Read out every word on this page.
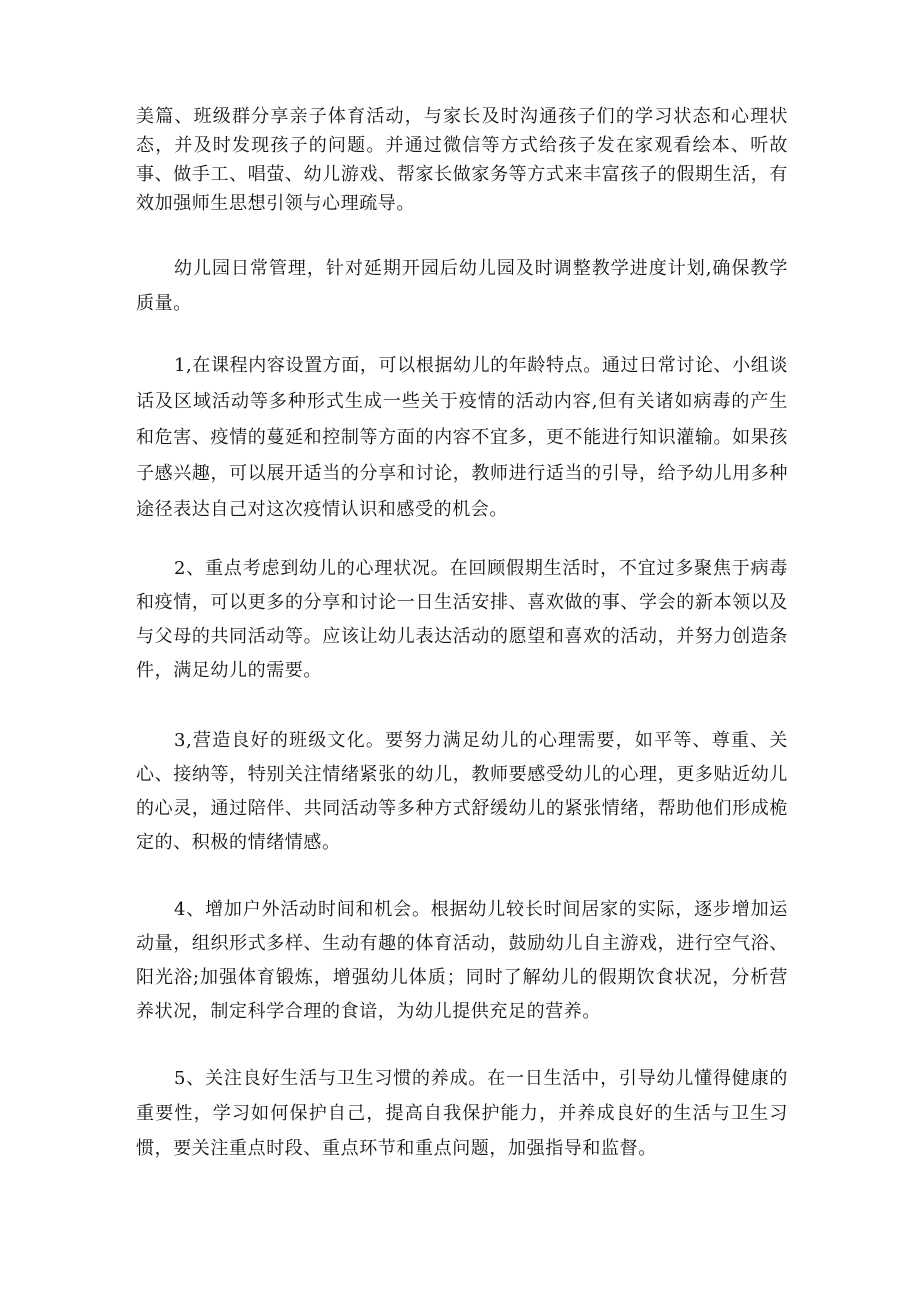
美篇、班级群分享亲子体育活动，与家长及时沟通孩子们的学习状态和心理状态，并及时发现孩子的问题。并通过微信等方式给孩子发在家观看绘本、听故事、做手工、唱萤、幼儿游戏、帮家长做家务等方式来丰富孩子的假期生活，有效加强师生思想引领与心理疏导。

幼儿园日常管理，针对延期开园后幼儿园及时调整教学进度计划,确保教学质量。

1,在课程内容设置方面，可以根据幼儿的年龄特点。通过日常讨论、小组谈话及区域活动等多种形式生成一些关于疫情的活动内容,但有关诸如病毒的产生和危害、疫情的蔓延和控制等方面的内容不宜多，更不能进行知识灌输。如果孩子感兴趣，可以展开适当的分享和讨论，教师进行适当的引导，给予幼儿用多种途径表达自己对这次疫情认识和感受的机会。

2、重点考虑到幼儿的心理状况。在回顾假期生活时，不宜过多聚焦于病毒和疫情，可以更多的分享和讨论一日生活安排、喜欢做的事、学会的新本领以及与父母的共同活动等。应该让幼儿表达活动的愿望和喜欢的活动，并努力创造条件，满足幼儿的需要。

3,营造良好的班级文化。要努力满足幼儿的心理需要，如平等、尊重、关心、接纳等，特别关注情绪紧张的幼儿，教师要感受幼儿的心理，更多贴近幼儿的心灵，通过陪伴、共同活动等多种方式舒缓幼儿的紧张情绪，帮助他们形成桅定的、积极的情绪情感。

4、增加户外活动时间和机会。根据幼儿较长时间居家的实际，逐步增加运动量，组织形式多样、生动有趣的体育活动，鼓励幼儿自主游戏，进行空气浴、阳光浴;加强体育锻炼，增强幼儿体质；同时了解幼儿的假期饮食状况，分析营养状况，制定科学合理的食谙，为幼儿提供充足的营养。

5、关注良好生活与卫生习惯的养成。在一日生活中，引导幼儿懂得健康的重要性，学习如何保护自己，提高自我保护能力，并养成良好的生活与卫生习惯，要关注重点时段、重点环节和重点问题，加强指导和监督。
